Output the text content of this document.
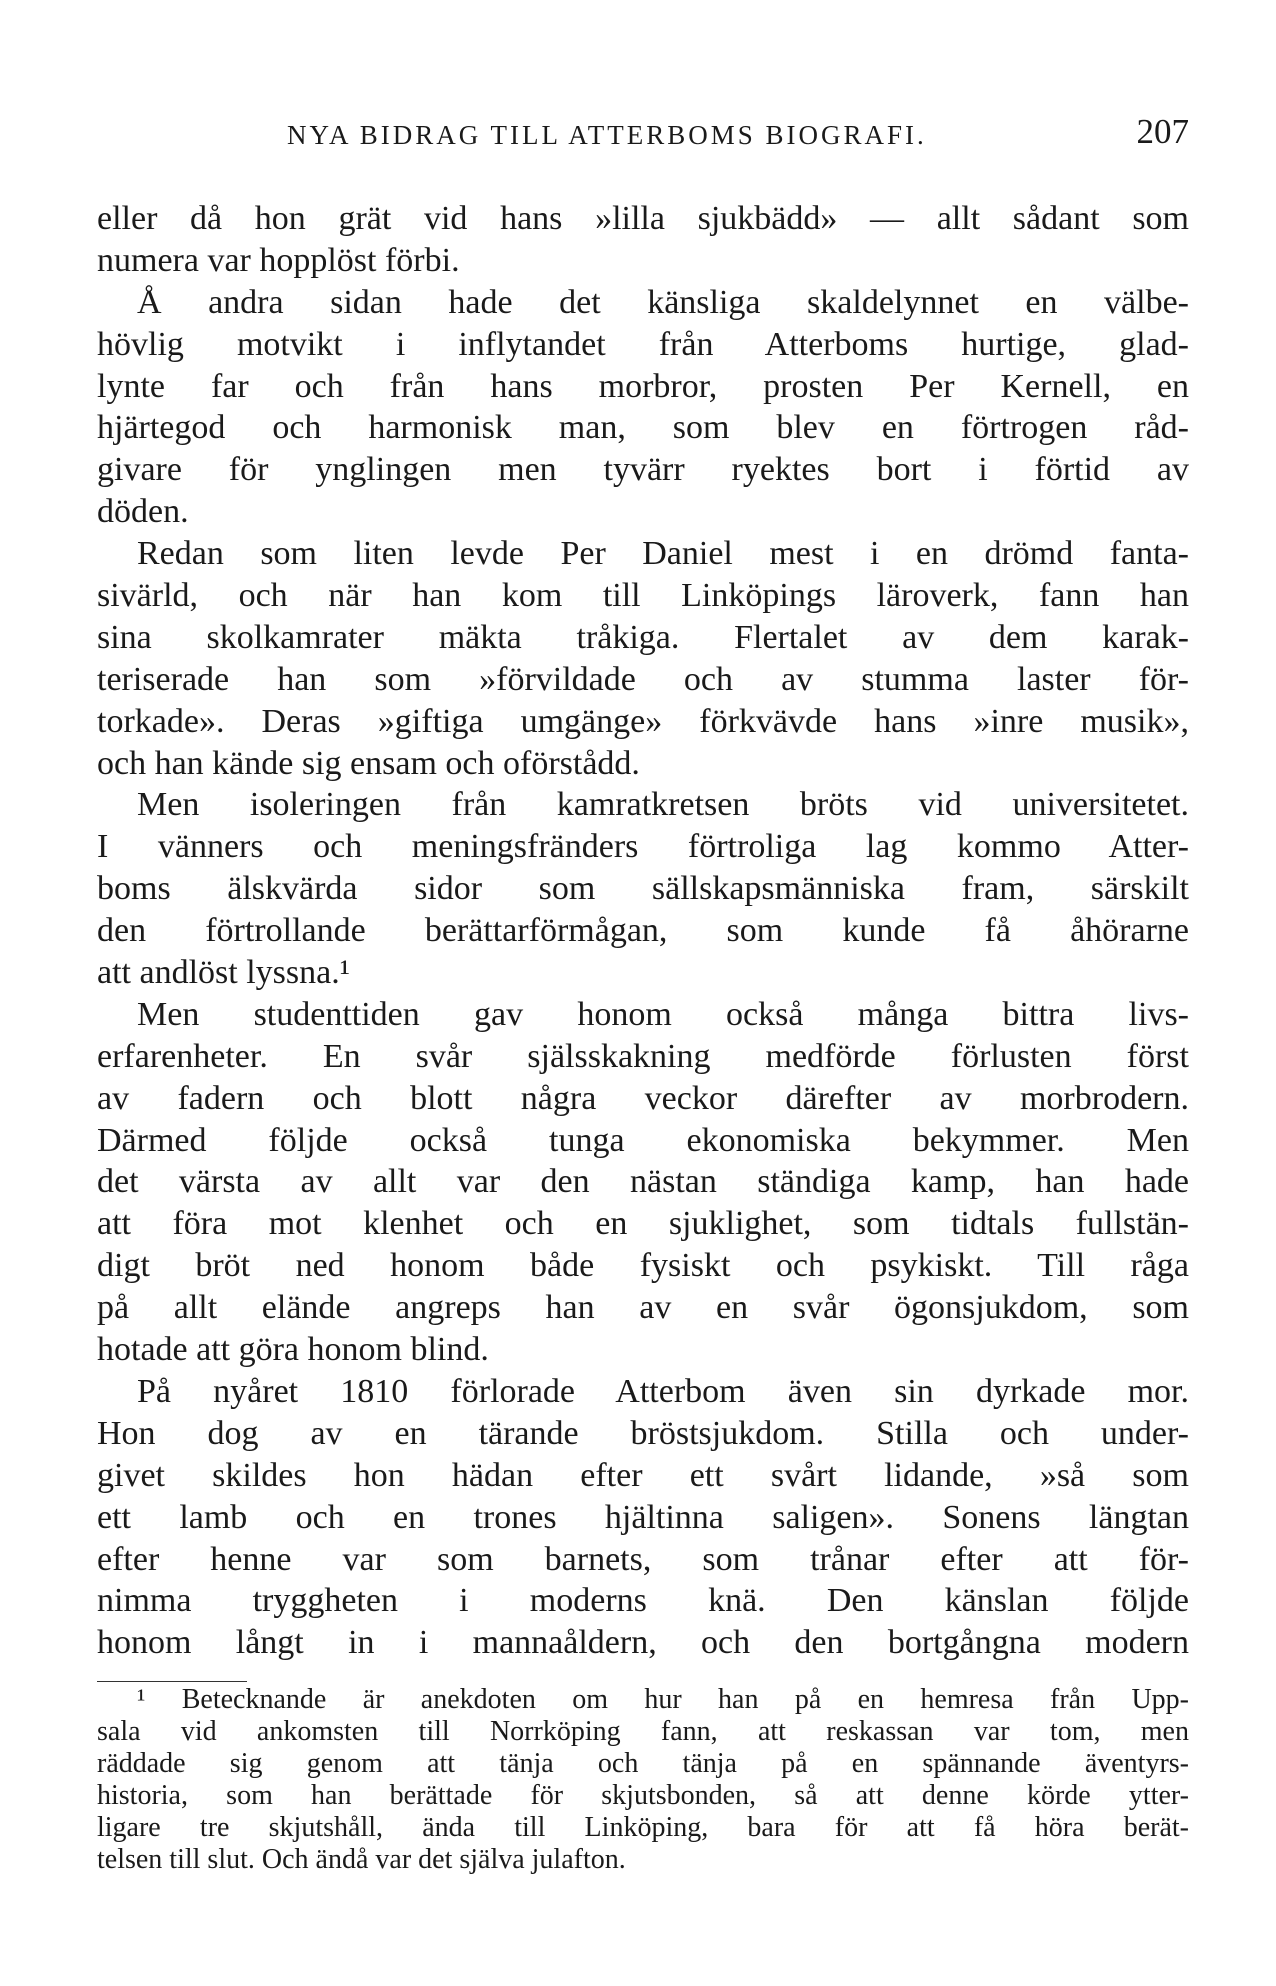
NYA BIDRAG TILL ATTERBOMS BIOGRAFI.	207
eller då hon grät vid hans »lilla sjukbädd» — allt sådant som
numera var hopplöst förbi.
Å andra sidan hade det känsliga skaldelynnet en välbe-
hövlig motvikt i inflytandet från Atterboms hurtige, glad-
lynte far och från hans morbror, prosten Per Kernell, en
hjärtegod och harmonisk man, som blev en förtrogen råd-
givare för ynglingen men tyvärr ryektes bort i förtid av
döden.
Redan som liten levde Per Daniel mest i en drömd fanta-
sivärld, och när han kom till Linköpings läroverk, fann han
sina skolkamrater mäkta tråkiga. Flertalet av dem karak-
teriserade han som »förvildade och av stumma laster för-
torkade». Deras »giftiga umgänge» förkvävde hans »inre musik»,
och han kände sig ensam och oförstådd.
Men isoleringen från kamratkretsen bröts vid universitetet.
I vänners och meningsfränders förtroliga lag kommo Atter-
boms älskvärda sidor som sällskapsmänniska fram, särskilt
den förtrollande berättarförmågan, som kunde få åhörarne
att andlöst lyssna.¹
Men studenttiden gav honom också många bittra livs-
erfarenheter. En svår själsskakning medförde förlusten först
av fadern och blott några veckor därefter av morbrodern.
Därmed följde också tunga ekonomiska bekymmer. Men
det värsta av allt var den nästan ständiga kamp, han hade
att föra mot klenhet och en sjuklighet, som tidtals fullstän-
digt bröt ned honom både fysiskt och psykiskt. Till råga
på allt elände angreps han av en svår ögonsjukdom, som
hotade att göra honom blind.
På nyåret 1810 förlorade Atterbom även sin dyrkade mor.
Hon dog av en tärande bröstsjukdom. Stilla och under-
givet skildes hon hädan efter ett svårt lidande, »så som
ett lamb och en trones hjältinna saligen». Sonens längtan
efter henne var som barnets, som trånar efter att för-
nimma tryggheten i moderns knä. Den känslan följde
honom långt in i mannaåldern, och den bortgångna modern
¹ Betecknande är anekdoten om hur han på en hemresa från Upp-
sala vid ankomsten till Norrköping fann, att reskassan var tom, men
räddade sig genom att tänja och tänja på en spännande äventyrs-
historia, som han berättade för skjutsbonden, så att denne körde ytter-
ligare tre skjutshåll, ända till Linköping, bara för att få höra berät-
telsen till slut. Och ändå var det själva julafton.
